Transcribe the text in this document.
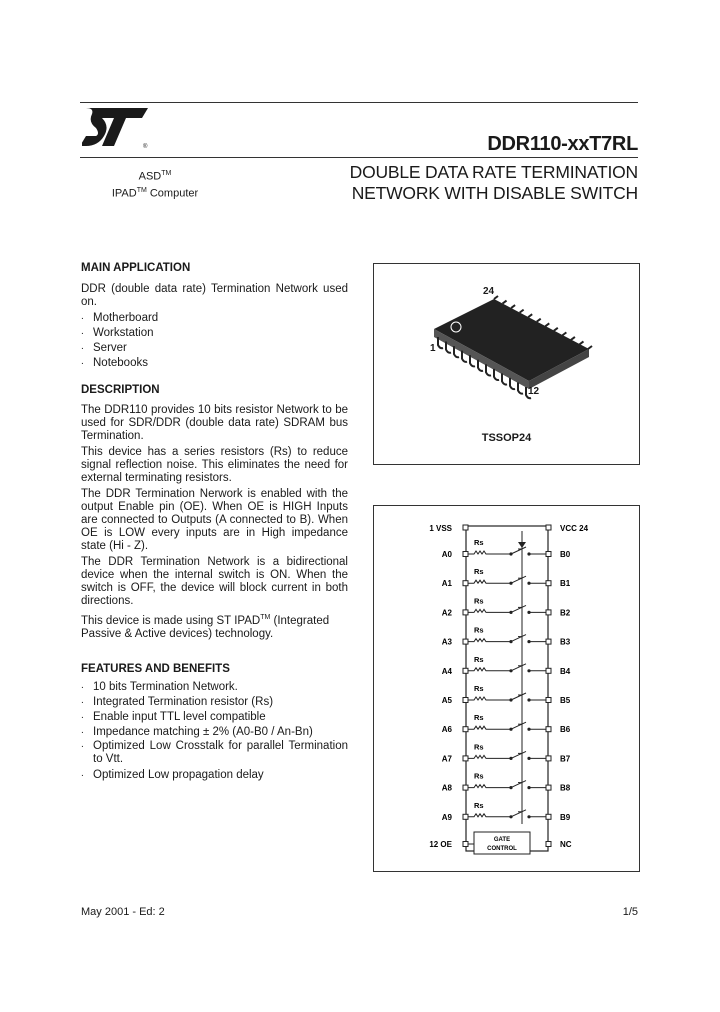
®	DDR110-xxT7RL
ASD™
IPAD™ Computer
DOUBLE DATA RATE TERMINATION
NETWORK WITH DISABLE SWITCH
MAIN APPLICATION
DDR (double data rate) Termination Network used on.
. Motherboard
. Workstation
. Server
. Notebooks
DESCRIPTION
The DDR110 provides 10 bits resistor Network to be used for SDR/DDR (double data rate) SDRAM bus Termination.
This device has a series resistors (Rs) to reduce signal reflection noise. This eliminates the need for external terminating resistors.
The DDR Termination Nerwork is enabled with the output Enable pin (OE). When OE is HIGH Inputs are connected to Outputs (A connected to B). When OE is LOW every inputs are in High impedance state (Hi - Z).
The DDR Termination Network is a bidirectional device when the internal switch is ON. When the switch is OFF, the device will block current in both directions.
This device is made using ST IPAD™ (Integrated Passive & Active devices) technology.
FEATURES AND BENEFITS
. 10 bits Termination Network.
. Integrated Termination resistor (Rs)
. Enable input TTL level compatible
. Impedance matching ± 2% (A0-B0 / An-Bn)
. Optimized Low Crosstalk for parallel Termination to Vtt.
. Optimized Low propagation delay
24
1
12
TSSOP24
1 VSS	VCC 24
A0	B0
Rs
A1	B1
Rs
A2	B2
Rs
A3	B3
Rs
A4	B4
Rs
A5	B5
Rs
A6	B6
Rs
A7	B7
Rs
A8	B8
Rs
A9	B9
Rs
GATE
CONTROL
12 OE	NC
May 2001 - Ed: 2	1/5
